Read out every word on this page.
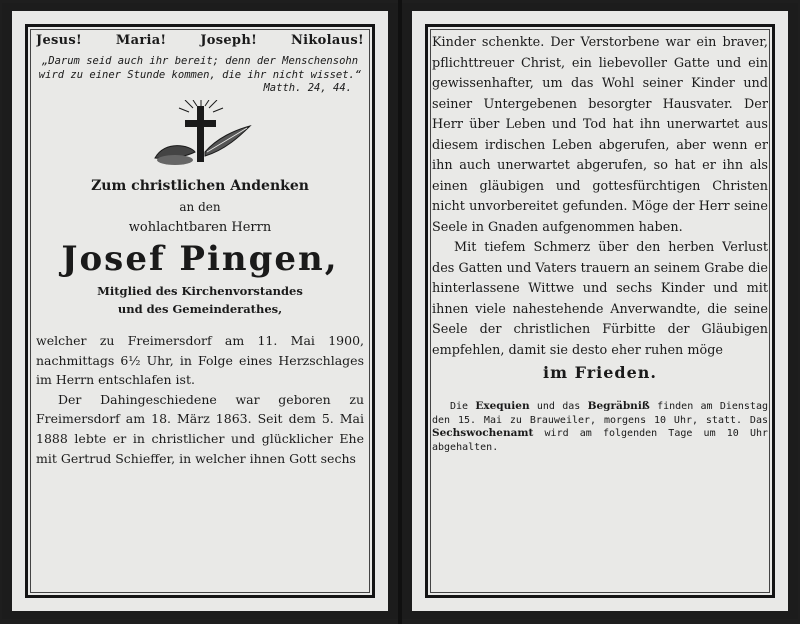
Jesus!	Maria!	Joseph!	Nikolaus!
„Darum seid auch ihr bereit; denn der Menschensohn wird zu einer Stunde kommen, die ihr nicht wisset.“
Matth. 24, 44.
Zum christlichen Andenken
an den
wohlachtbaren Herrn
Josef Pingen,
Mitglied des Kirchenvorstandes
und des Gemeinderathes,

welcher zu Freimersdorf am 11. Mai 1900, nachmittags 6½ Uhr, in Folge eines Herzschlages im Herrn entschlafen ist.

Der Dahingeschiedene war geboren zu Freimersdorf am 18. März 1863. Seit dem 5. Mai 1888 lebte er in christlicher und glücklicher Ehe mit Gertrud Schieffer, in welcher ihnen Gott sechs

Kinder schenkte. Der Verstorbene war ein braver, pflichttreuer Christ, ein liebevoller Gatte und ein gewissenhafter, um das Wohl seiner Kinder und seiner Untergebenen besorgter Hausvater. Der Herr über Leben und Tod hat ihn unerwartet aus diesem irdischen Leben abgerufen, aber wenn er ihn auch unerwartet abgerufen, so hat er ihn als einen gläubigen und gottesfürchtigen Christen nicht unvorbereitet gefunden. Möge der Herr seine Seele in Gnaden aufgenommen haben.

Mit tiefem Schmerz über den herben Verlust des Gatten und Vaters trauern an seinem Grabe die hinterlassene Wittwe und sechs Kinder und mit ihnen viele nahestehende Anverwandte, die seine Seele der christlichen Fürbitte der Gläubigen empfehlen, damit sie desto eher ruhen möge

im Frieden.
Die Exequien und das Begräbniß finden am Dienstag den 15. Mai zu Brauweiler, morgens 10 Uhr, statt. Das Sechswochenamt wird am folgenden Tage um 10 Uhr abgehalten.
